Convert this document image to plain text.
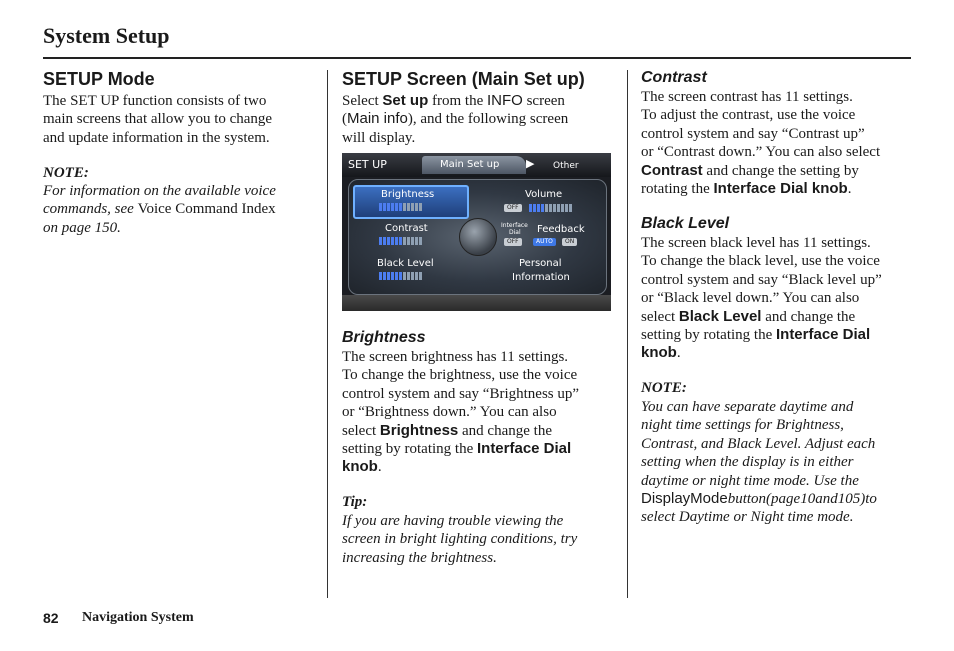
System Setup
SETUP Mode
The SET UP function consists of two
main screens that allow you to change
and update information in the system.
NOTE:
For information on the available voice
commands, see Voice Command Index
on page 150.
SETUP Screen (Main Set up)
Select Set up from the INFO screen
(Main info), and the following screen
will display.
SET UP	Main Set up ▶ Other
Brightness	Volume
OFF
Contrast	Interface
Dial Feedback
OFF	AUTO	ON
Black Level	Personal
Information
Brightness
The screen brightness has 11 settings.
To change the brightness, use the voice
control system and say “Brightness up”
or “Brightness down.” You can also
select Brightness and change the
setting by rotating the Interface Dial
knob.
Tip:
If you are having trouble viewing the
screen in bright lighting conditions, try
increasing the brightness.
Contrast
The screen contrast has 11 settings.
To adjust the contrast, use the voice
control system and say “Contrast up”
or “Contrast down.” You can also select
Contrast and change the setting by
rotating the Interface Dial knob.
Black Level
The screen black level has 11 settings.
To change the black level, use the voice
control system and say “Black level up”
or “Black level down.” You can also
select Black Level and change the
setting by rotating the Interface Dial
knob.
NOTE:
You can have separate daytime and
night time settings for Brightness,
Contrast, and Black Level. Adjust each
setting when the display is in either
daytime or night time mode. Use the
DisplayModebutton(page10and105)to
select Daytime or Night time mode.
82 Navigation System
